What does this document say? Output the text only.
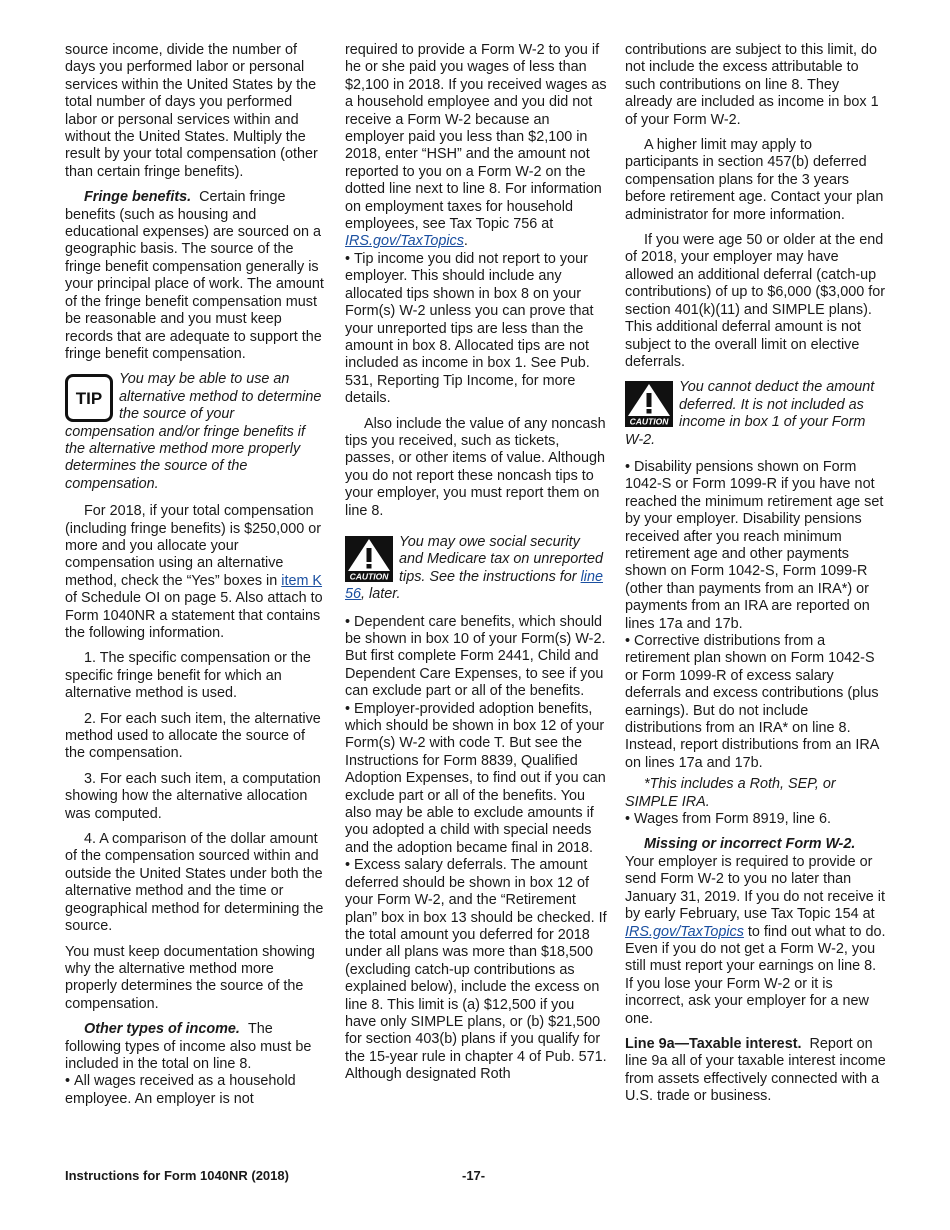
source income, divide the number of days you performed labor or personal services within the United States by the total number of days you performed labor or personal services within and without the United States. Multiply the result by your total compensation (other than certain fringe benefits).

Fringe benefits. Certain fringe benefits (such as housing and educational expenses) are sourced on a geographic basis. The source of the fringe benefit compensation generally is your principal place of work. The amount of the fringe benefit compensation must be reasonable and you must keep records that are adequate to support the fringe benefit compensation.

TIP
You may be able to use an alternative method to determine the source of your compensation and/or fringe benefits if the alternative method more properly determines the source of the compensation.

For 2018, if your total compensation (including fringe benefits) is $250,000 or more and you allocate your compensation using an alternative method, check the “Yes” boxes in item K of Schedule OI on page 5. Also attach to Form 1040NR a statement that contains the following information.

1. The specific compensation or the specific fringe benefit for which an alternative method is used.

2. For each such item, the alternative method used to allocate the source of the compensation.

3. For each such item, a computation showing how the alternative allocation was computed.

4. A comparison of the dollar amount of the compensation sourced within and outside the United States under both the alternative method and the time or geographical method for determining the source.

You must keep documentation showing why the alternative method more properly determines the source of the compensation.

Other types of income. The following types of income also must be included in the total on line 8.

• All wages received as a household employee. An employer is not

required to provide a Form W-2 to you if he or she paid you wages of less than $2,100 in 2018. If you received wages as a household employee and you did not receive a Form W-2 because an employer paid you less than $2,100 in 2018, enter “HSH” and the amount not reported to you on a Form W-2 on the dotted line next to line 8. For information on employment taxes for household employees, see Tax Topic 756 at IRS.gov/TaxTopics.

• Tip income you did not report to your employer. This should include any allocated tips shown in box 8 on your Form(s) W-2 unless you can prove that your unreported tips are less than the amount in box 8. Allocated tips are not included as income in box 1. See Pub. 531, Reporting Tip Income, for more details.

Also include the value of any noncash tips you received, such as tickets, passes, or other items of value. Although you do not report these noncash tips to your employer, you must report them on line 8.

CAUTION
You may owe social security and Medicare tax on unreported tips. See the instructions for line 56, later.

• Dependent care benefits, which should be shown in box 10 of your Form(s) W-2. But first complete Form 2441, Child and Dependent Care Expenses, to see if you can exclude part or all of the benefits.

• Employer-provided adoption benefits, which should be shown in box 12 of your Form(s) W-2 with code T. But see the Instructions for Form 8839, Qualified Adoption Expenses, to find out if you can exclude part or all of the benefits. You also may be able to exclude amounts if you adopted a child with special needs and the adoption became final in 2018.

• Excess salary deferrals. The amount deferred should be shown in box 12 of your Form W-2, and the “Retirement plan” box in box 13 should be checked. If the total amount you deferred for 2018 under all plans was more than $18,500 (excluding catch-up contributions as explained below), include the excess on line 8. This limit is (a) $12,500 if you have only SIMPLE plans, or (b) $21,500 for section 403(b) plans if you qualify for the 15-year rule in chapter 4 of Pub. 571. Although designated Roth

contributions are subject to this limit, do not include the excess attributable to such contributions on line 8. They already are included as income in box 1 of your Form W-2.

A higher limit may apply to participants in section 457(b) deferred compensation plans for the 3 years before retirement age. Contact your plan administrator for more information.

If you were age 50 or older at the end of 2018, your employer may have allowed an additional deferral (catch-up contributions) of up to $6,000 ($3,000 for section 401(k)(11) and SIMPLE plans). This additional deferral amount is not subject to the overall limit on elective deferrals.

CAUTION
You cannot deduct the amount deferred. It is not included as income in box 1 of your Form W-2.

• Disability pensions shown on Form 1042-S or Form 1099-R if you have not reached the minimum retirement age set by your employer. Disability pensions received after you reach minimum retirement age and other payments shown on Form 1042-S, Form 1099-R (other than payments from an IRA*) or payments from an IRA are reported on lines 17a and 17b.

• Corrective distributions from a retirement plan shown on Form 1042-S or Form 1099-R of excess salary deferrals and excess contributions (plus earnings). But do not include distributions from an IRA* on line 8. Instead, report distributions from an IRA on lines 17a and 17b.

*This includes a Roth, SEP, or SIMPLE IRA.

• Wages from Form 8919, line 6.

Missing or incorrect Form W-2. Your employer is required to provide or send Form W-2 to you no later than January 31, 2019. If you do not receive it by early February, use Tax Topic 154 at IRS.gov/TaxTopics to find out what to do. Even if you do not get a Form W-2, you still must report your earnings on line 8. If you lose your Form W-2 or it is incorrect, ask your employer for a new one.

Line 9a—Taxable interest. Report on line 9a all of your taxable interest income from assets effectively connected with a U.S. trade or business.

Instructions for Form 1040NR (2018)	-17-
